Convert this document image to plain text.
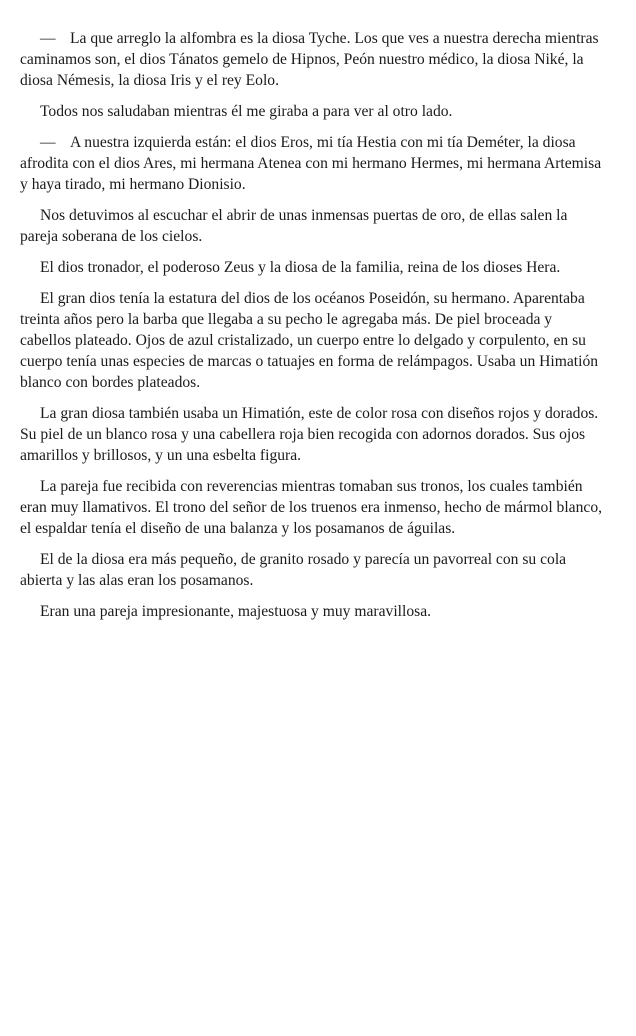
— La que arreglo la alfombra es la diosa Tyche. Los que ves a nuestra derecha mientras caminamos son, el dios Tánatos gemelo de Hipnos, Peón nuestro médico, la diosa Niké, la diosa Némesis, la diosa Iris y el rey Eolo.

Todos nos saludaban mientras él me giraba a para ver al otro lado.

— A nuestra izquierda están: el dios Eros, mi tía Hestia con mi tía Deméter, la diosa afrodita con el dios Ares, mi hermana Atenea con mi hermano Hermes, mi hermana Artemisa y haya tirado, mi hermano Dionisio.

Nos detuvimos al escuchar el abrir de unas inmensas puertas de oro, de ellas salen la pareja soberana de los cielos.

El dios tronador, el poderoso Zeus y la diosa de la familia, reina de los dioses Hera.

El gran dios tenía la estatura del dios de los océanos Poseidón, su hermano. Aparentaba treinta años pero la barba que llegaba a su pecho le agregaba más. De piel broceada y cabellos plateado. Ojos de azul cristalizado, un cuerpo entre lo delgado y corpulento, en su cuerpo tenía unas especies de marcas o tatuajes en forma de relámpagos. Usaba un Himatión blanco con bordes plateados.

La gran diosa también usaba un Himatión, este de color rosa con diseños rojos y dorados. Su piel de un blanco rosa y una cabellera roja bien recogida con adornos dorados. Sus ojos amarillos y brillosos, y un una esbelta figura.

La pareja fue recibida con reverencias mientras tomaban sus tronos, los cuales también eran muy llamativos. El trono del señor de los truenos era inmenso, hecho de mármol blanco, el espaldar tenía el diseño de una balanza y los posamanos de águilas.

El de la diosa era más pequeño, de granito rosado y parecía un pavorreal con su cola abierta y las alas eran los posamanos.

Eran una pareja impresionante, majestuosa y muy maravillosa.
